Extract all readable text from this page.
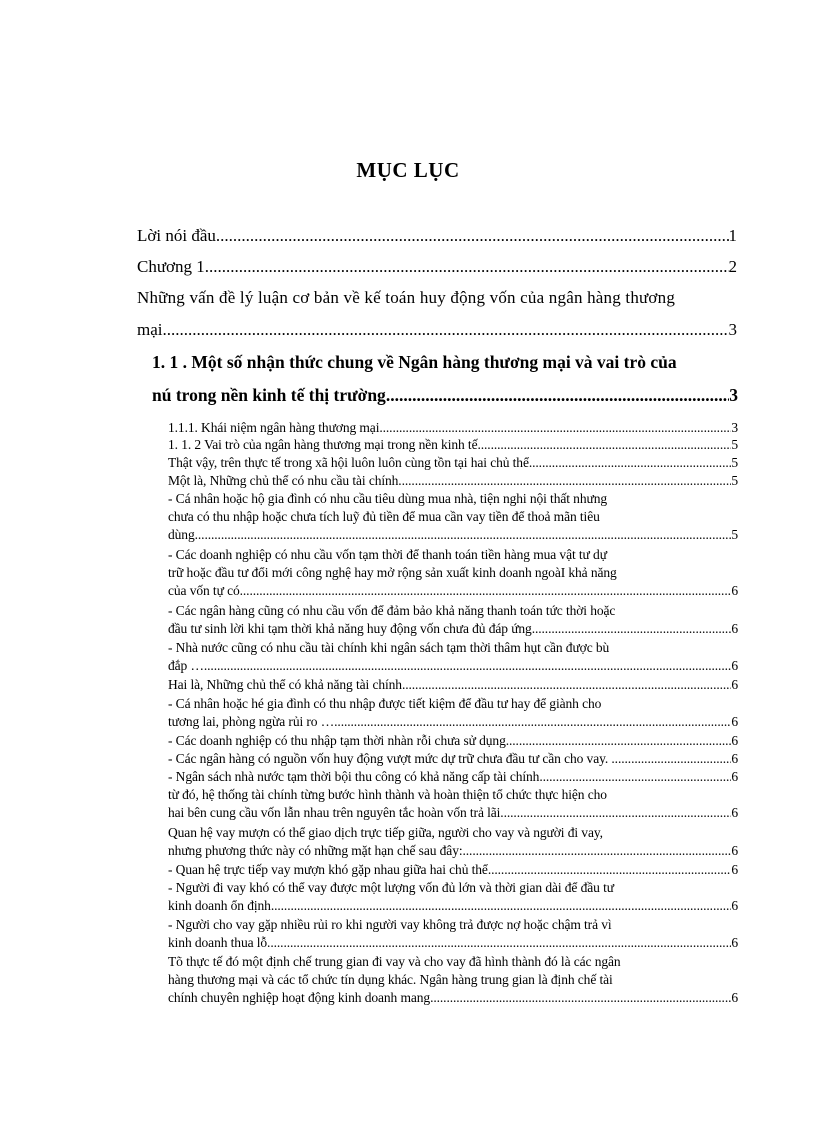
MỤC LỤC
Lời nói đầu .....	1
Chương 1 .....	2
Những vấn đề lý luận cơ bản về kế toán huy động vốn của ngân hàng thương
mại .....	3
1. 1 . Một số nhận thức chung về Ngân hàng thương mại và vai trò của
nú trong nền kinh tế thị trường .....	3
1.1.1. Khái niệm ngân hàng thương mại .....	3
1. 1. 2 Vai trò của ngân hàng thương mại trong nền kinh tế. .....	5
Thật vậy, trên thực tế trong xã hội luôn luôn cùng tồn tại hai chủ thể. .....	5
Một là, Những chủ thể có nhu cầu tài chính. .....	5
- Cá nhân hoặc hộ gia đình có nhu cầu tiêu dùng mua nhà, tiện nghi nội thất nhưng
chưa có thu nhập hoặc chưa tích luỹ đủ tiền để mua cần vay tiền để thoả mãn tiêu
dùng. .....	5
- Các doanh nghiệp có nhu cầu vốn tạm thời để thanh toán tiền hàng mua vật tư dự
trữ hoặc đầu tư đổi mới công nghệ hay mở rộng sản xuất kinh doanh ngoàI khả năng
của vốn tự có. .....	6
- Các ngân hàng cũng có nhu cầu vốn để đảm bảo khả năng thanh toán tức thời hoặc
đầu tư sinh lời khi tạm thời khả năng huy động vốn chưa đủ đáp ứng. .....	6
- Nhà nước cũng có nhu cầu tài chính khi ngân sách tạm thời thâm hụt cần được bù
đắp …. .....	6
Hai là, Những chủ thể có khả năng tài chính. .....	6
- Cá nhân hoặc hé gia đình có thu nhập được tiết kiệm để đầu tư hay để giành cho
tương lai, phòng ngừa rủi ro … .....	6
- Các doanh nghiệp có thu nhập tạm thời nhàn rỗi chưa sử dụng. .....	6
- Các ngân hàng có nguồn vốn huy động vượt mức dự trữ chưa đầu tư cần cho vay. .. .....	6
- Ngân sách nhà nước tạm thời bội thu công có khả năng cấp tài chính. .....	6
từ đó, hệ thống tài chính từng bước hình thành và hoàn thiện tổ chức thực hiện cho
hai bên cung cầu vốn lẫn nhau trên nguyên tắc hoàn vốn trả lãi. .....	6
Quan hệ vay mượn có thể giao dịch trực tiếp giữa, người cho vay và người đi vay,
nhưng phương thức này có những mặt hạn chế sau đây: .....	6
- Quan hệ trực tiếp vay mượn khó gặp nhau giữa hai chủ thể. .....	6
- Người đi vay khó có thể vay được một lượng vốn đủ lớn và thời gian dài để đầu tư
kinh doanh ổn định. .....	6
- Người cho vay gặp nhiều rủi ro khi người vay không trả được nợ hoặc chậm trả vì
kinh doanh thua lỗ. .....	6
Tõ thực tế đó một định chế trung gian đi vay và cho vay đã hình thành đó là các ngân
hàng thương mại và các tổ chức tín dụng khác. Ngân hàng trung gian là định chế tài
chính chuyên nghiệp hoạt động kinh doanh mang .....	6
